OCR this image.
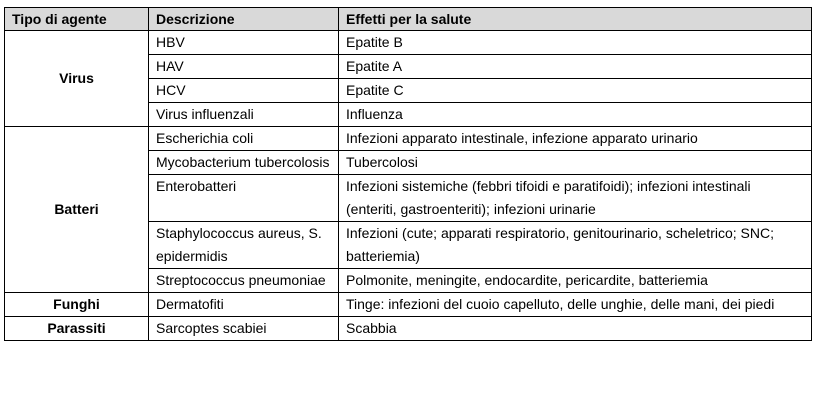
Tipo di agente	Descrizione	Effetti per la salute
Virus	HBV	Epatite B
	HAV	Epatite A
	HCV	Epatite C
	Virus influenzali	Influenza
Batteri	Escherichia coli	Infezioni apparato intestinale, infezione apparato urinario
	Mycobacterium tubercolosis	Tubercolosi
	Enterobatteri	Infezioni sistemiche (febbri tifoidi e paratifoidi); infezioni intestinali (enteriti, gastroenteriti); infezioni urinarie
	Staphylococcus aureus, S. epidermidis	Infezioni (cute; apparati respiratorio, genitourinario, scheletrico; SNC; batteriemia)
	Streptococcus pneumoniae	Polmonite, meningite, endocardite, pericardite, batteriemia
Funghi	Dermatofiti	Tinge: infezioni del cuoio capelluto, delle unghie, delle mani, dei piedi
Parassiti	Sarcoptes scabiei	Scabbia
